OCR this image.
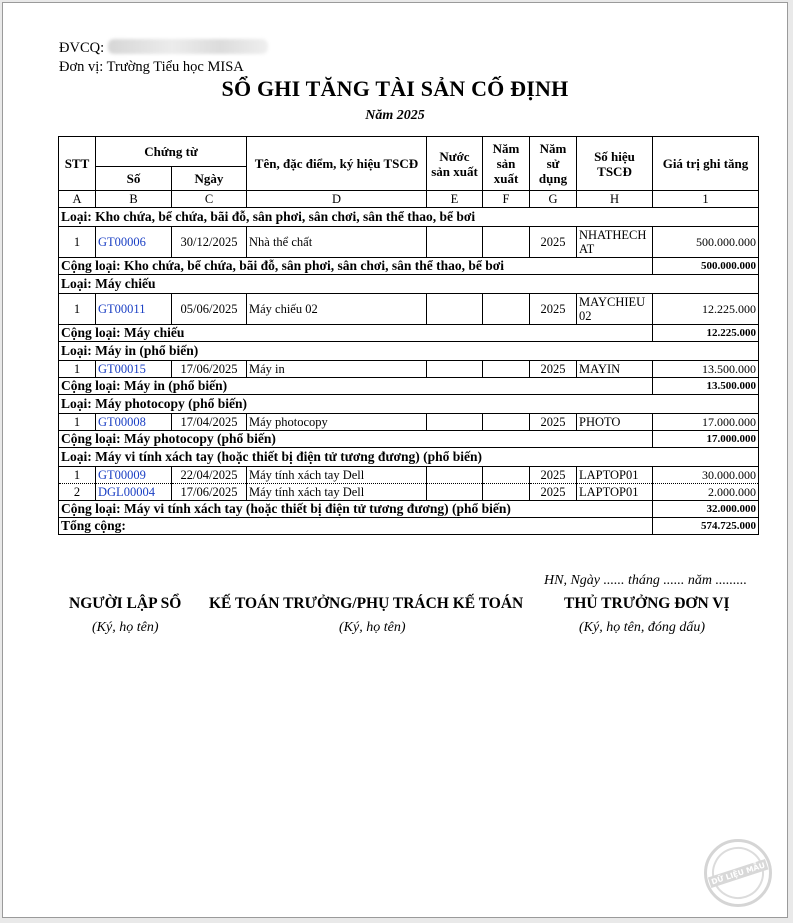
ĐVCQ:
Đơn vị: Trường Tiểu học MISA
SỔ GHI TĂNG TÀI SẢN CỐ ĐỊNH
Năm 2025
STT	Chứng từ		Tên, đặc điểm, ký hiệu TSCĐ	Nước sản xuất	Năm sản xuất	Năm sử dụng	Số hiệu TSCĐ	Giá trị ghi tăng
	Số	Ngày						
A	B	C	D	E	F	G	H	1
Loại: Kho chứa, bể chứa, bãi đỗ, sân phơi, sân chơi, sân thể thao, bể bơi								
1	GT00006	30/12/2025	Nhà thể chất			2025	NHATHECHAT	500.000.000
Cộng loại: Kho chứa, bể chứa, bãi đỗ, sân phơi, sân chơi, sân thể thao, bể bơi								500.000.000
Loại: Máy chiếu								
1	GT00011	05/06/2025	Máy chiếu 02			2025	MAYCHIEU02	12.225.000
Cộng loại: Máy chiếu								12.225.000
Loại: Máy in (phổ biến)								
1	GT00015	17/06/2025	Máy in			2025	MAYIN	13.500.000
Cộng loại: Máy in (phổ biến)								13.500.000
Loại: Máy photocopy (phổ biến)								
1	GT00008	17/04/2025	Máy photocopy			2025	PHOTO	17.000.000
Cộng loại: Máy photocopy (phổ biến)								17.000.000
Loại: Máy vi tính xách tay (hoặc thiết bị điện tử tương đương) (phổ biến)								
1	GT00009	22/04/2025	Máy tính xách tay Dell			2025	LAPTOP01	30.000.000
2	DGL00004	17/06/2025	Máy tính xách tay Dell			2025	LAPTOP01	2.000.000
Cộng loại: Máy vi tính xách tay (hoặc thiết bị điện tử tương đương) (phổ biến)								32.000.000
Tổng cộng:								574.725.000
HN, Ngày ...... tháng ...... năm .........
NGƯỜI LẬP SỔ
(Ký, họ tên)
KẾ TOÁN TRƯỞNG/PHỤ TRÁCH KẾ TOÁN
(Ký, họ tên)
THỦ TRƯỞNG ĐƠN VỊ
(Ký, họ tên, đóng dấu)
DỮ LIỆU MẪU
